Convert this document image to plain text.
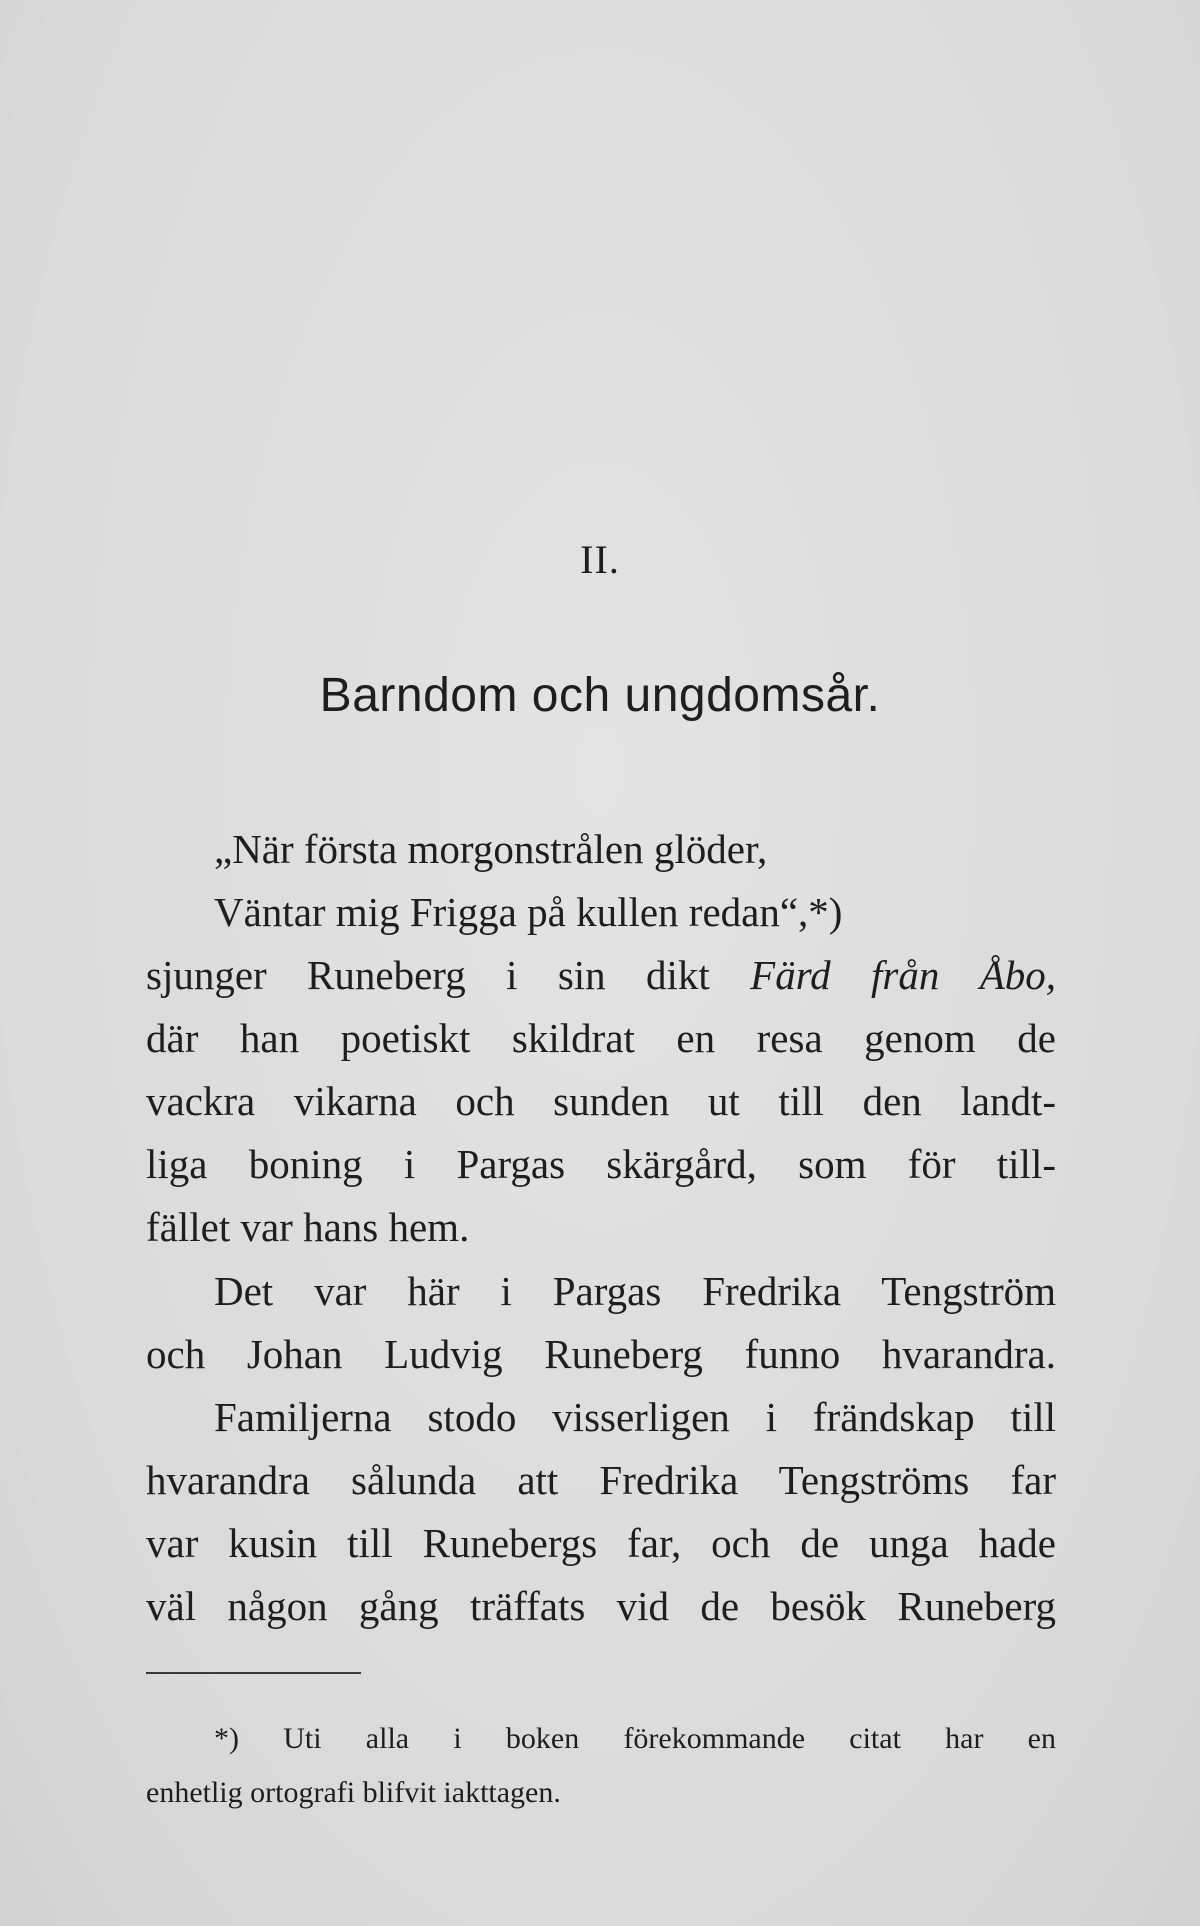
II.
Barndom och ungdomsår.
„När första morgonstrålen glöder,
Väntar mig Frigga på kullen redan“,*)
sjunger Runeberg i sin dikt Färd från Åbo,
där han poetiskt skildrat en resa genom de
vackra vikarna och sunden ut till den landt-
liga boning i Pargas skärgård, som för till-
fället var hans hem.
Det var här i Pargas Fredrika Tengström
och Johan Ludvig Runeberg funno hvarandra.
Familjerna stodo visserligen i frändskap till
hvarandra sålunda att Fredrika Tengströms far
var kusin till Runebergs far, och de unga hade
väl någon gång träffats vid de besök Runeberg
*) Uti alla i boken förekommande citat har en
enhetlig ortografi blifvit iakttagen.
